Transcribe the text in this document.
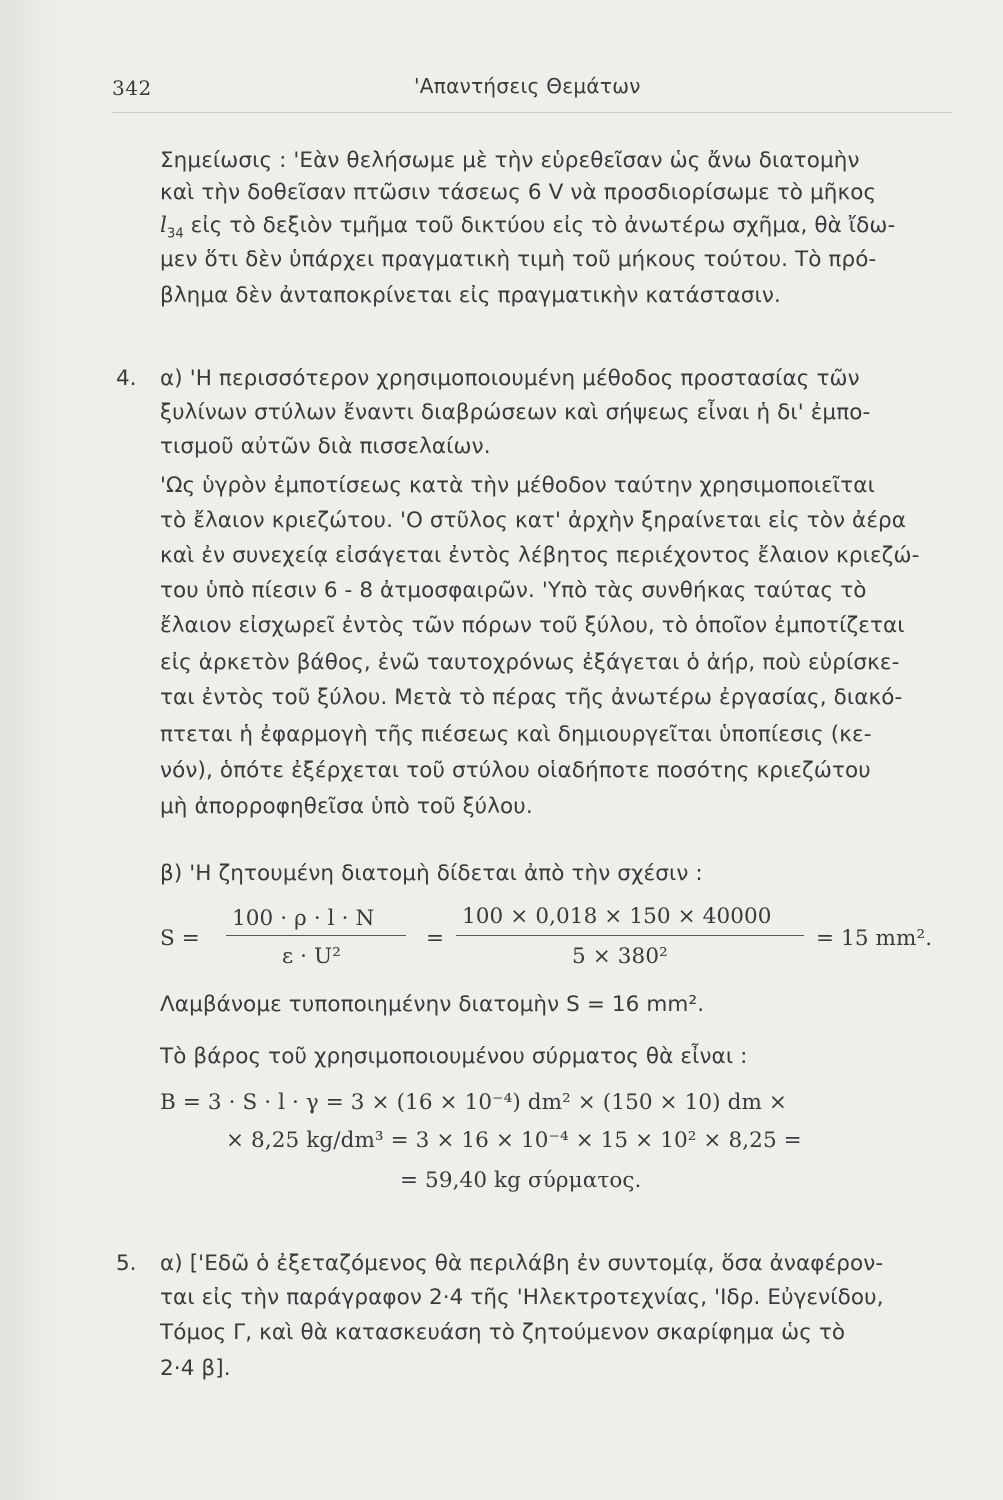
342	'Απαντήσεις Θεμάτων
Σημείωσις : 'Εὰν θελήσωμε μὲ τὴν εὑρεθεῖσαν ὡς ἄνω διατομὴν
καὶ τὴν δοθεῖσαν πτῶσιν τάσεως 6 V νὰ προσδιορίσωμε τὸ μῆκος
$l_{34}$ εἰς τὸ δεξιὸν τμῆμα τοῦ δικτύου εἰς τὸ ἀνωτέρω σχῆμα, θὰ ἴδω-
μεν ὅτι δὲν ὑπάρχει πραγματικὴ τιμὴ τοῦ μήκους τούτου. Τὸ πρό-
βλημα δὲν ἀνταποκρίνεται εἰς πραγματικὴν κατάστασιν.
4. α) 'Η περισσότερον χρησιμοποιουμένη μέθοδος προστασίας τῶν
ξυλίνων στύλων ἔναντι διαβρώσεων καὶ σήψεως εἶναι ἡ δι' ἐμπο-
τισμοῦ αὐτῶν διὰ πισσελαίων.
'Ως ὑγρὸν ἐμποτίσεως κατὰ τὴν μέθοδον ταύτην χρησιμοποιεῖται
τὸ ἔλαιον κριεζώτου. 'Ο στῦλος κατ' ἀρχὴν ξηραίνεται εἰς τὸν ἀέρα
καὶ ἐν συνεχείᾳ εἰσάγεται ἐντὸς λέβητος περιέχοντος ἔλαιον κριεζώ-
του ὑπὸ πίεσιν 6 - 8 ἀτμοσφαιρῶν. 'Υπὸ τὰς συνθήκας ταύτας τὸ
ἔλαιον εἰσχωρεῖ ἐντὸς τῶν πόρων τοῦ ξύλου, τὸ ὁποῖον ἐμποτίζεται
εἰς ἀρκετὸν βάθος, ἐνῶ ταυτοχρόνως ἐξάγεται ὁ ἀήρ, ποὺ εὑρίσκε-
ται ἐντὸς τοῦ ξύλου. Μετὰ τὸ πέρας τῆς ἀνωτέρω ἐργασίας, διακό-
πτεται ἡ ἐφαρμογὴ τῆς πιέσεως καὶ δημιουργεῖται ὑποπίεσις (κε-
νόν), ὁπότε ἐξέρχεται τοῦ στύλου οἱαδήποτε ποσότης κριεζώτου
μὴ ἀπορροφηθεῖσα ὑπὸ τοῦ ξύλου.
β) 'Η ζητουμένη διατομὴ δίδεται ἀπὸ τὴν σχέσιν :
S =
100 · ρ · l · N
ε · U²
=
100 × 0,018 × 150 × 40000
5 × 380²
= 15 mm².
Λαμβάνομε τυποποιημένην διατομὴν S = 16 mm².
Τὸ βάρος τοῦ χρησιμοποιουμένου σύρματος θὰ εἶναι :
B = 3 · S · l · γ = 3 × (16 × 10⁻⁴) dm² × (150 × 10) dm ×
× 8,25 kg/dm³ = 3 × 16 × 10⁻⁴ × 15 × 10² × 8,25 =
= 59,40 kg σύρματος.
5. α) ['Εδῶ ὁ ἐξεταζόμενος θὰ περιλάβη ἐν συντομίᾳ, ὅσα ἀναφέρον-
ται εἰς τὴν παράγραφον 2·4 τῆς 'Ηλεκτροτεχνίας, 'Ιδρ. Εὐγενίδου,
Τόμος Γ, καὶ θὰ κατασκευάση τὸ ζητούμενον σκαρίφημα ὡς τὸ
2·4 β].
